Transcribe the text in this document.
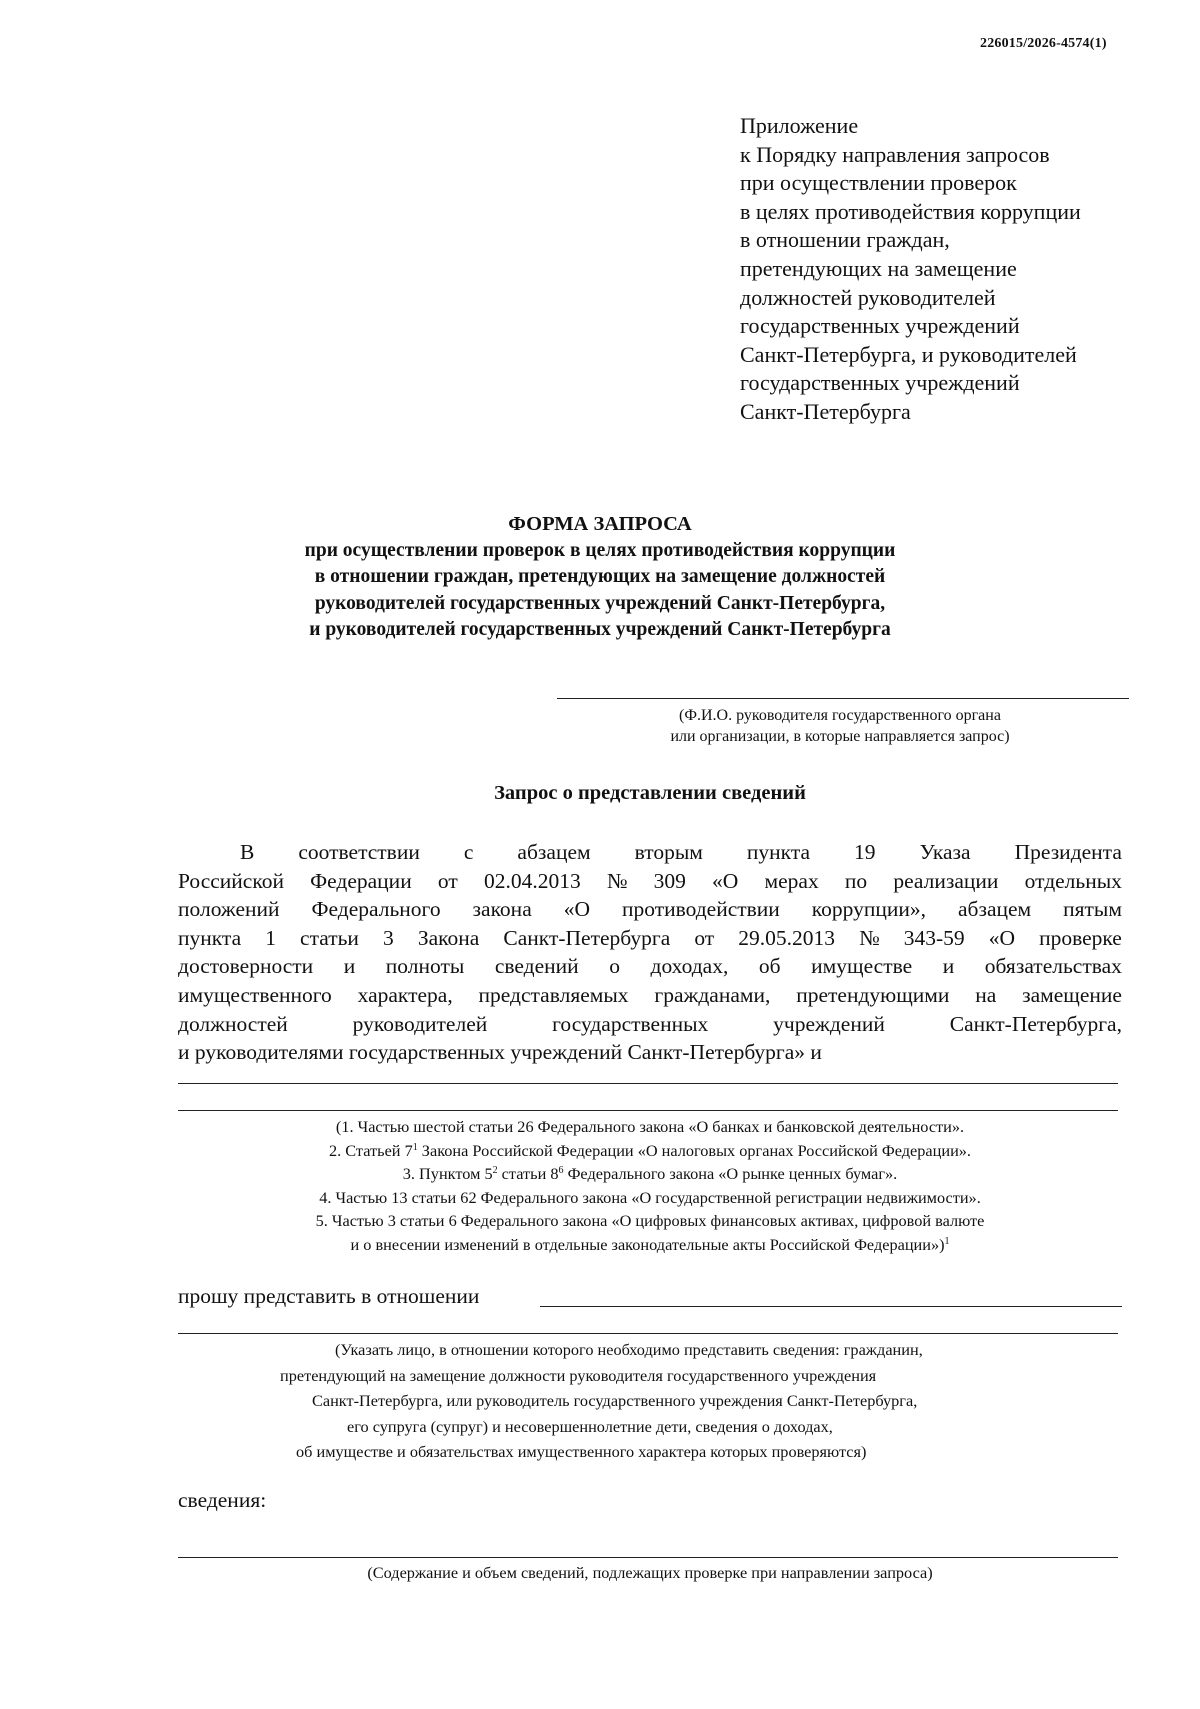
226015/2026-4574(1)
Приложение
к Порядку направления запросов
при осуществлении проверок
в целях противодействия коррупции
в отношении граждан,
претендующих на замещение
должностей руководителей
государственных учреждений
Санкт-Петербурга, и руководителей
государственных учреждений
Санкт-Петербурга
ФОРМА ЗАПРОСА
при осуществлении проверок в целях противодействия коррупции
в отношении граждан, претендующих на замещение должностей
руководителей государственных учреждений Санкт-Петербурга,
и руководителей государственных учреждений Санкт-Петербурга
(Ф.И.О. руководителя государственного органа
или организации, в которые направляется запрос)
Запрос о представлении сведений
В соответствии с абзацем вторым пункта 19 Указа Президента
Российской Федерации от 02.04.2013 № 309 «О мерах по реализации отдельных
положений Федерального закона «О противодействии коррупции», абзацем пятым
пункта 1 статьи 3 Закона Санкт-Петербурга от 29.05.2013 № 343-59 «О проверке
достоверности и полноты сведений о доходах, об имуществе и обязательствах
имущественного характера, представляемых гражданами, претендующими на замещение
должностей	руководителей	государственных	учреждений	Санкт-Петербурга,
и руководителями государственных учреждений Санкт-Петербурга» и
(1. Частью шестой статьи 26 Федерального закона «О банках и банковской деятельности».
2. Статьей $7^1$ Закона Российской Федерации «О налоговых органах Российской Федерации».
3. Пунктом $5^2$ статьи $8^6$ Федерального закона «О рынке ценных бумаг».
4. Частью 13 статьи 62 Федерального закона «О государственной регистрации недвижимости».
5. Частью 3 статьи 6 Федерального закона «О цифровых финансовых активах, цифровой валюте
и о внесении изменений в отдельные законодательные акты Российской Федерации»)$^1$
прошу представить в отношении
(Указать лицо, в отношении которого необходимо представить сведения: гражданин,
претендующий на замещение должности руководителя государственного учреждения
Санкт-Петербурга, или руководитель государственного учреждения Санкт-Петербурга,
его супруга (супруг) и несовершеннолетние дети, сведения о доходах,
об имуществе и обязательствах имущественного характера которых проверяются)
сведения:
(Содержание и объем сведений, подлежащих проверке при направлении запроса)
